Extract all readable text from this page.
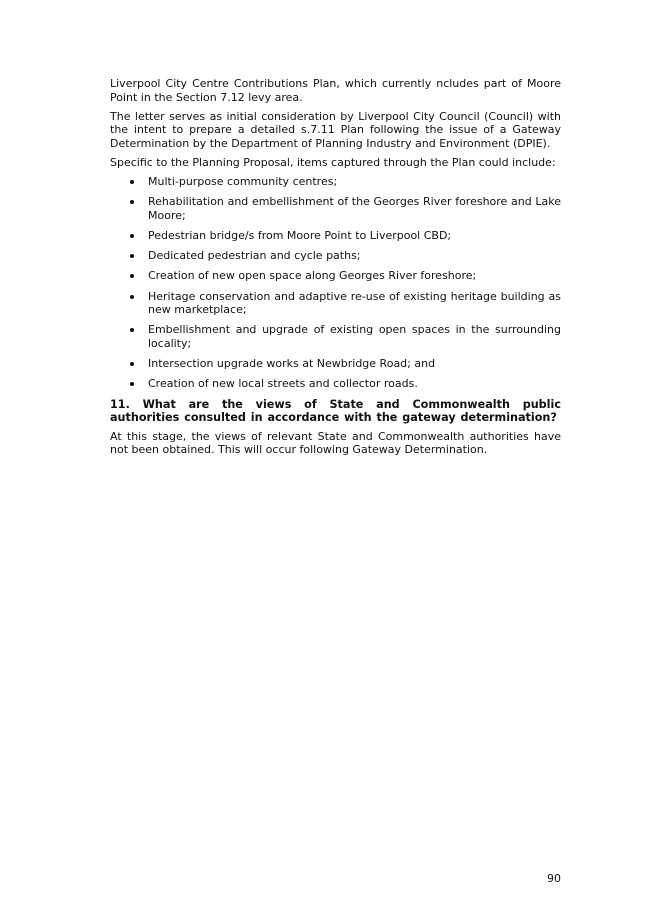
Liverpool City Centre Contributions Plan, which currently ncludes part of Moore Point in the Section 7.12 levy area.

The letter serves as initial consideration by Liverpool City Council (Council) with the intent to prepare a detailed s.7.11 Plan following the issue of a Gateway Determination by the Department of Planning Industry and Environment (DPIE).

Specific to the Planning Proposal, items captured through the Plan could include:

Multi-purpose community centres;
Rehabilitation and embellishment of the Georges River foreshore and Lake Moore;
Pedestrian bridge/s from Moore Point to Liverpool CBD;
Dedicated pedestrian and cycle paths;
Creation of new open space along Georges River foreshore;
Heritage conservation and adaptive re-use of existing heritage building as new marketplace;
Embellishment and upgrade of existing open spaces in the surrounding locality;
Intersection upgrade works at Newbridge Road; and
Creation of new local streets and collector roads.
11. What are the views of State and Commonwealth public authorities consulted in accordance with the gateway determination?

At this stage, the views of relevant State and Commonwealth authorities have not been obtained. This will occur following Gateway Determination.

90
